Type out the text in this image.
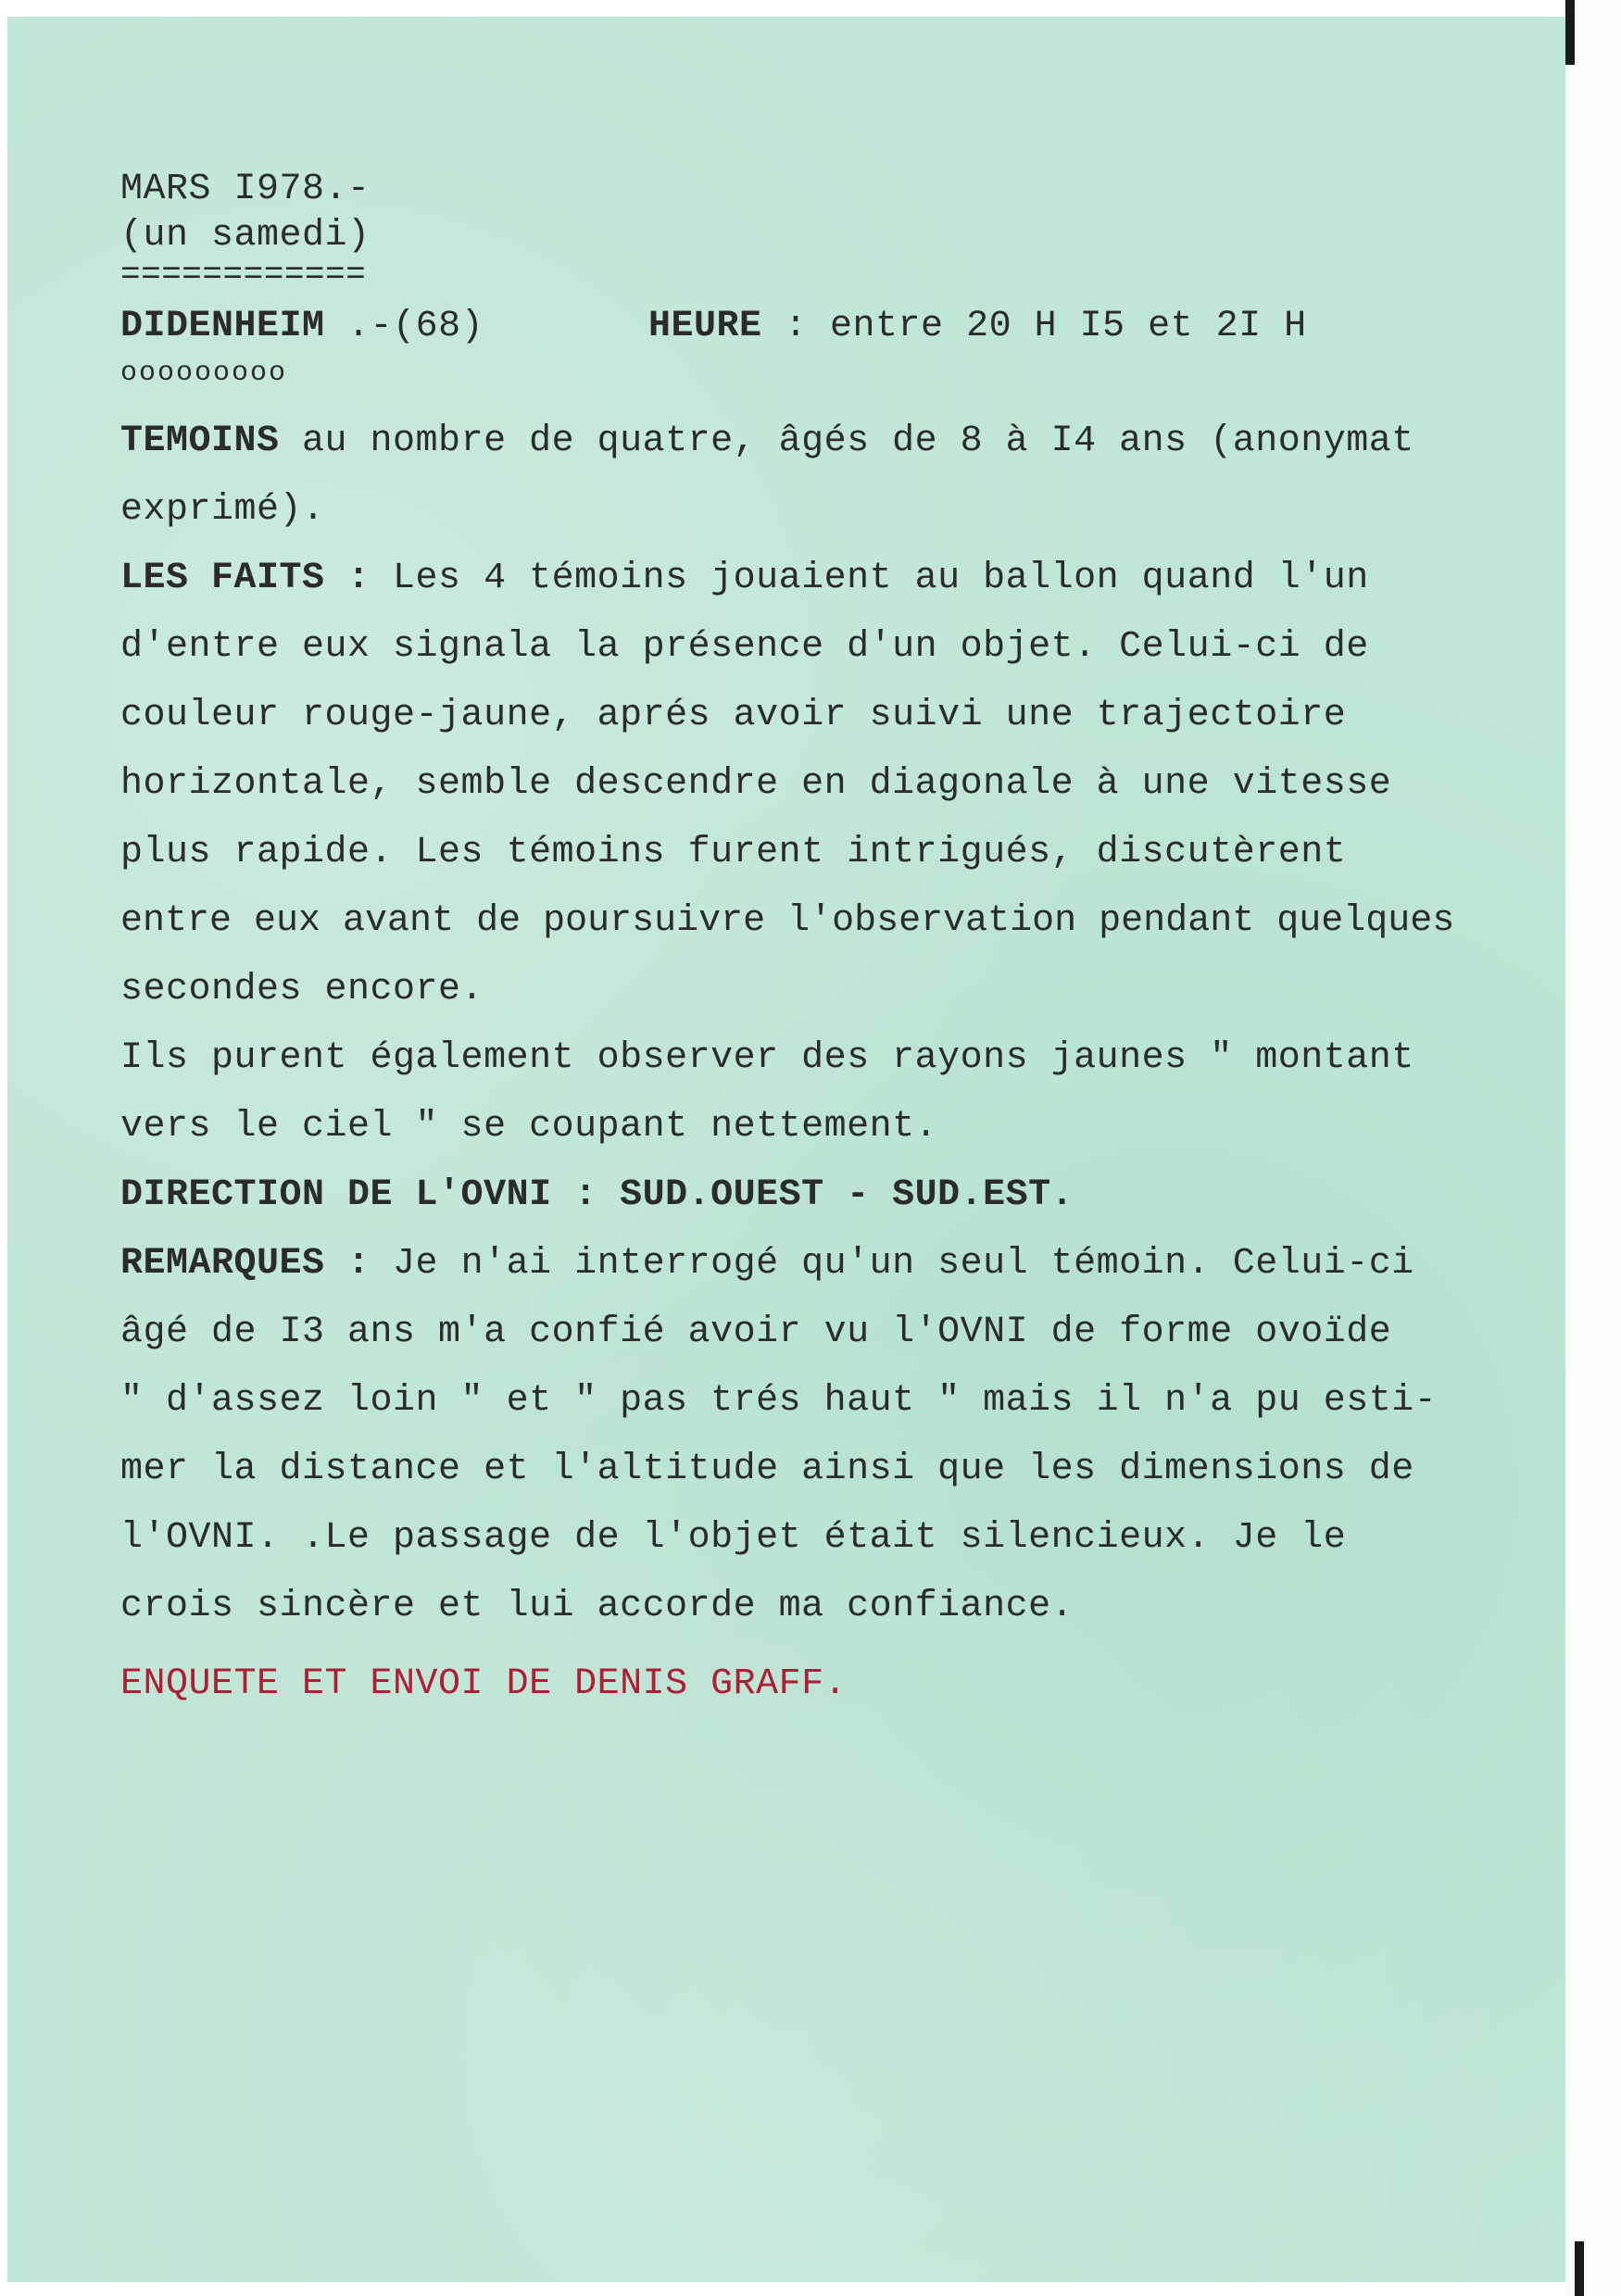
MARS I978.-
(un samedi)
============
DIDENHEIM .-(68)	HEURE : entre 20 H I5 et 2I H
ooooooooo
TEMOINS au nombre de quatre, âgés de 8 à I4 ans (anonymat
exprimé).
LES FAITS : Les 4 témoins jouaient au ballon quand l'un
d'entre eux signala la présence d'un objet. Celui-ci de
couleur rouge-jaune, aprés avoir suivi une trajectoire
horizontale, semble descendre en diagonale à une vitesse
plus rapide. Les témoins furent intrigués, discutèrent
entre eux avant de poursuivre l'observation pendant quelques
secondes encore.
Ils purent également observer des rayons jaunes " montant
vers le ciel " se coupant nettement.
DIRECTION DE L'OVNI : SUD.OUEST - SUD.EST.
REMARQUES : Je n'ai interrogé qu'un seul témoin. Celui-ci
âgé de I3 ans m'a confié avoir vu l'OVNI de forme ovoïde
" d'assez loin " et " pas trés haut " mais il n'a pu esti-
mer la distance et l'altitude ainsi que les dimensions de
l'OVNI. .Le passage de l'objet était silencieux. Je le
crois sincère et lui accorde ma confiance.
ENQUETE ET ENVOI DE DENIS GRAFF.
